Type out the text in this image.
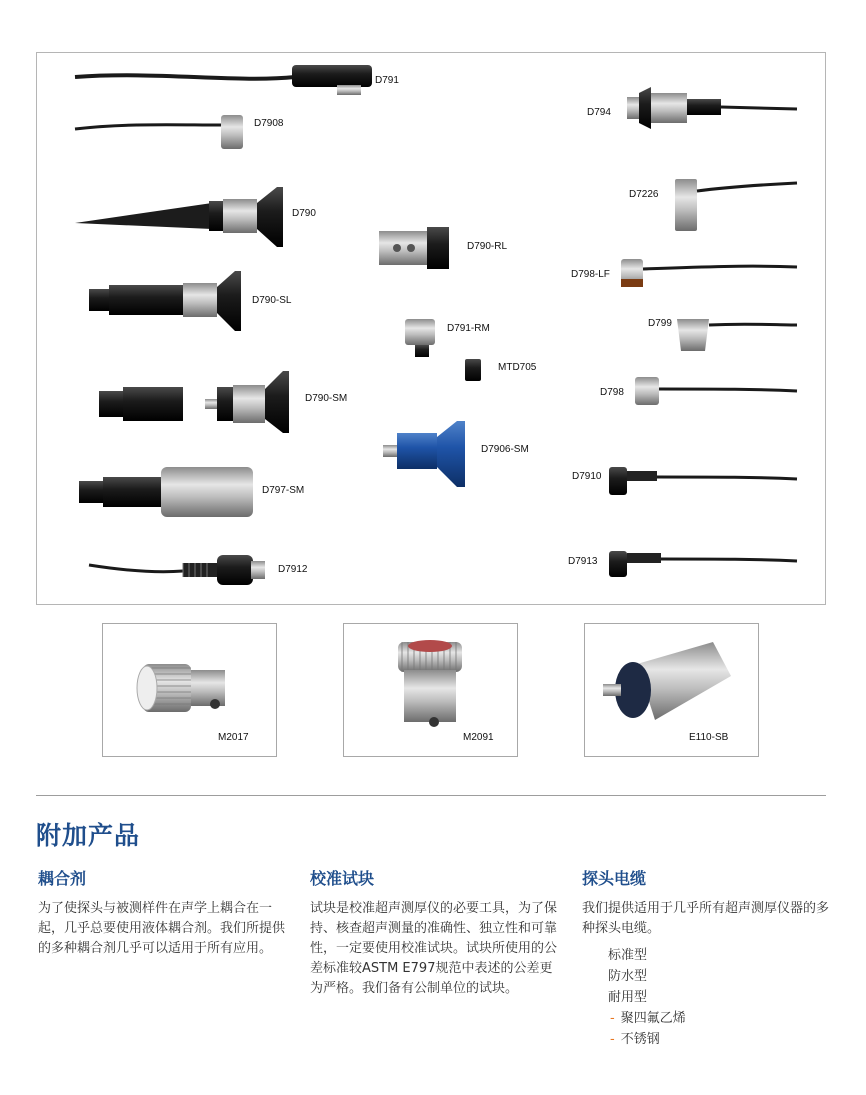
D791
D7908
D790
D790-SL
D790-SM
D797-SM
D7912
D790-RL
D791-RM
MTD705
D7906-SM
D794
D7226
D798-LF
D799
D798
D7910
D7913
M2017	M2091	E110-SB
附加产品
耦合剂

为了使探头与被测样件在声学上耦合在一起，几乎总要使用液体耦合剂。我们所提供的多种耦合剂几乎可以适用于所有应用。

校准试块

试块是校准超声测厚仪的必要工具，为了保持、核查超声测量的准确性、独立性和可靠性，一定要使用校准试块。试块所使用的公差标准较ASTM E797规范中表述的公差更为严格。我们备有公制单位的试块。

探头电缆

我们提供适用于几乎所有超声测厚仪器的多种探头电缆。

标准型
防水型
耐用型
- 聚四氟乙烯
- 不锈钢
